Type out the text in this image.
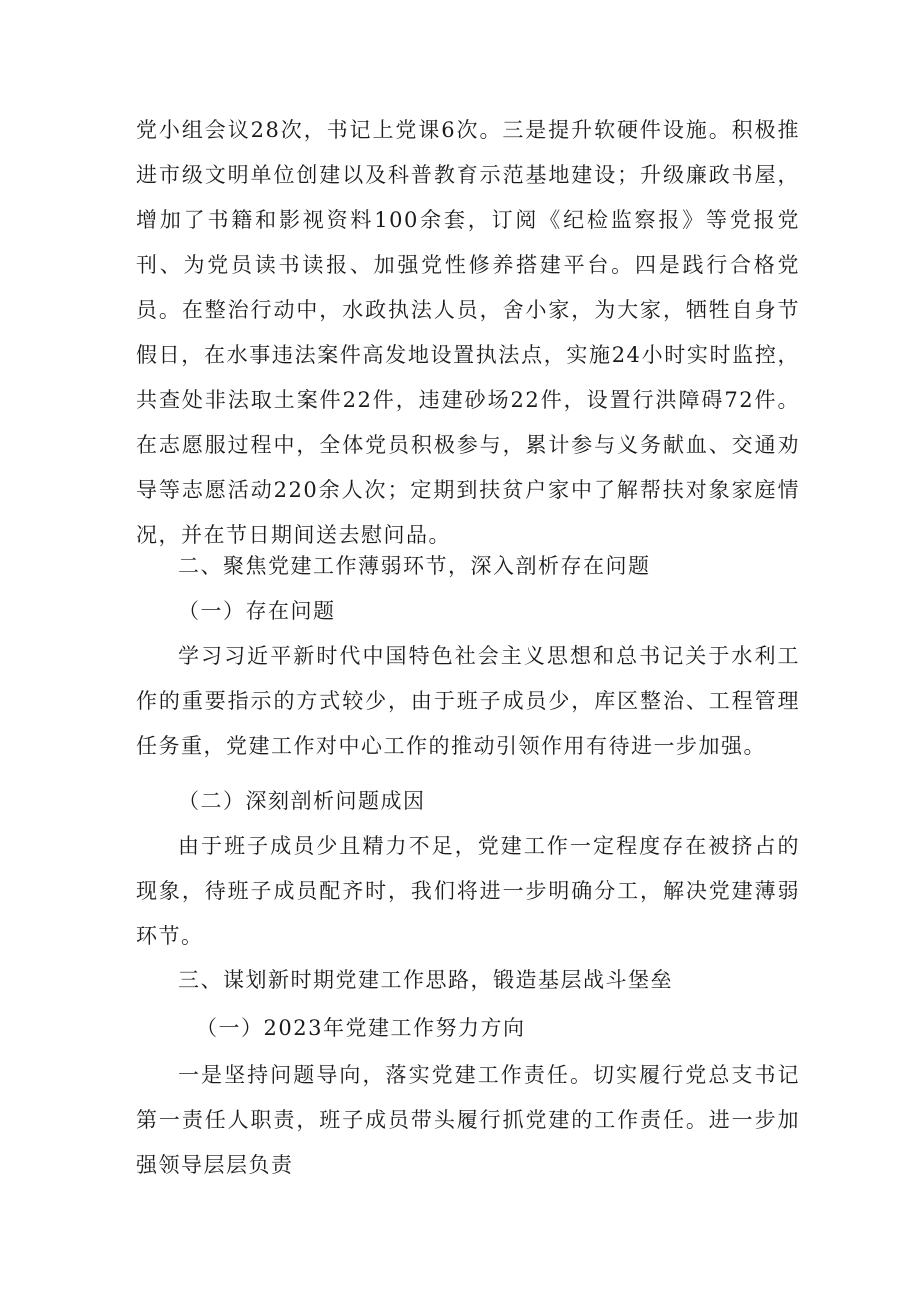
党小组会议28次，书记上党课6次。三是提升软硬件设施。积极推进市级文明单位创建以及科普教育示范基地建设；升级廉政书屋，增加了书籍和影视资料100余套，订阅《纪检监察报》等党报党刊、为党员读书读报、加强党性修养搭建平台。四是践行合格党员。在整治行动中，水政执法人员，舍小家，为大家，牺牲自身节假日，在水事违法案件高发地设置执法点，实施24小时实时监控，共查处非法取土案件22件，违建砂场22件，设置行洪障碍72件。在志愿服过程中，全体党员积极参与，累计参与义务献血、交通劝导等志愿活动220余人次；定期到扶贫户家中了解帮扶对象家庭情况，并在节日期间送去慰问品。

二、聚焦党建工作薄弱环节，深入剖析存在问题

（一）存在问题

学习习近平新时代中国特色社会主义思想和总书记关于水利工作的重要指示的方式较少，由于班子成员少，库区整治、工程管理任务重，党建工作对中心工作的推动引领作用有待进一步加强。

（二）深刻剖析问题成因

由于班子成员少且精力不足，党建工作一定程度存在被挤占的现象，待班子成员配齐时，我们将进一步明确分工，解决党建薄弱环节。

三、谋划新时期党建工作思路，锻造基层战斗堡垒

（一）2023年党建工作努力方向

一是坚持问题导向，落实党建工作责任。切实履行党总支书记第一责任人职责，班子成员带头履行抓党建的工作责任。进一步加强领导层层负责
